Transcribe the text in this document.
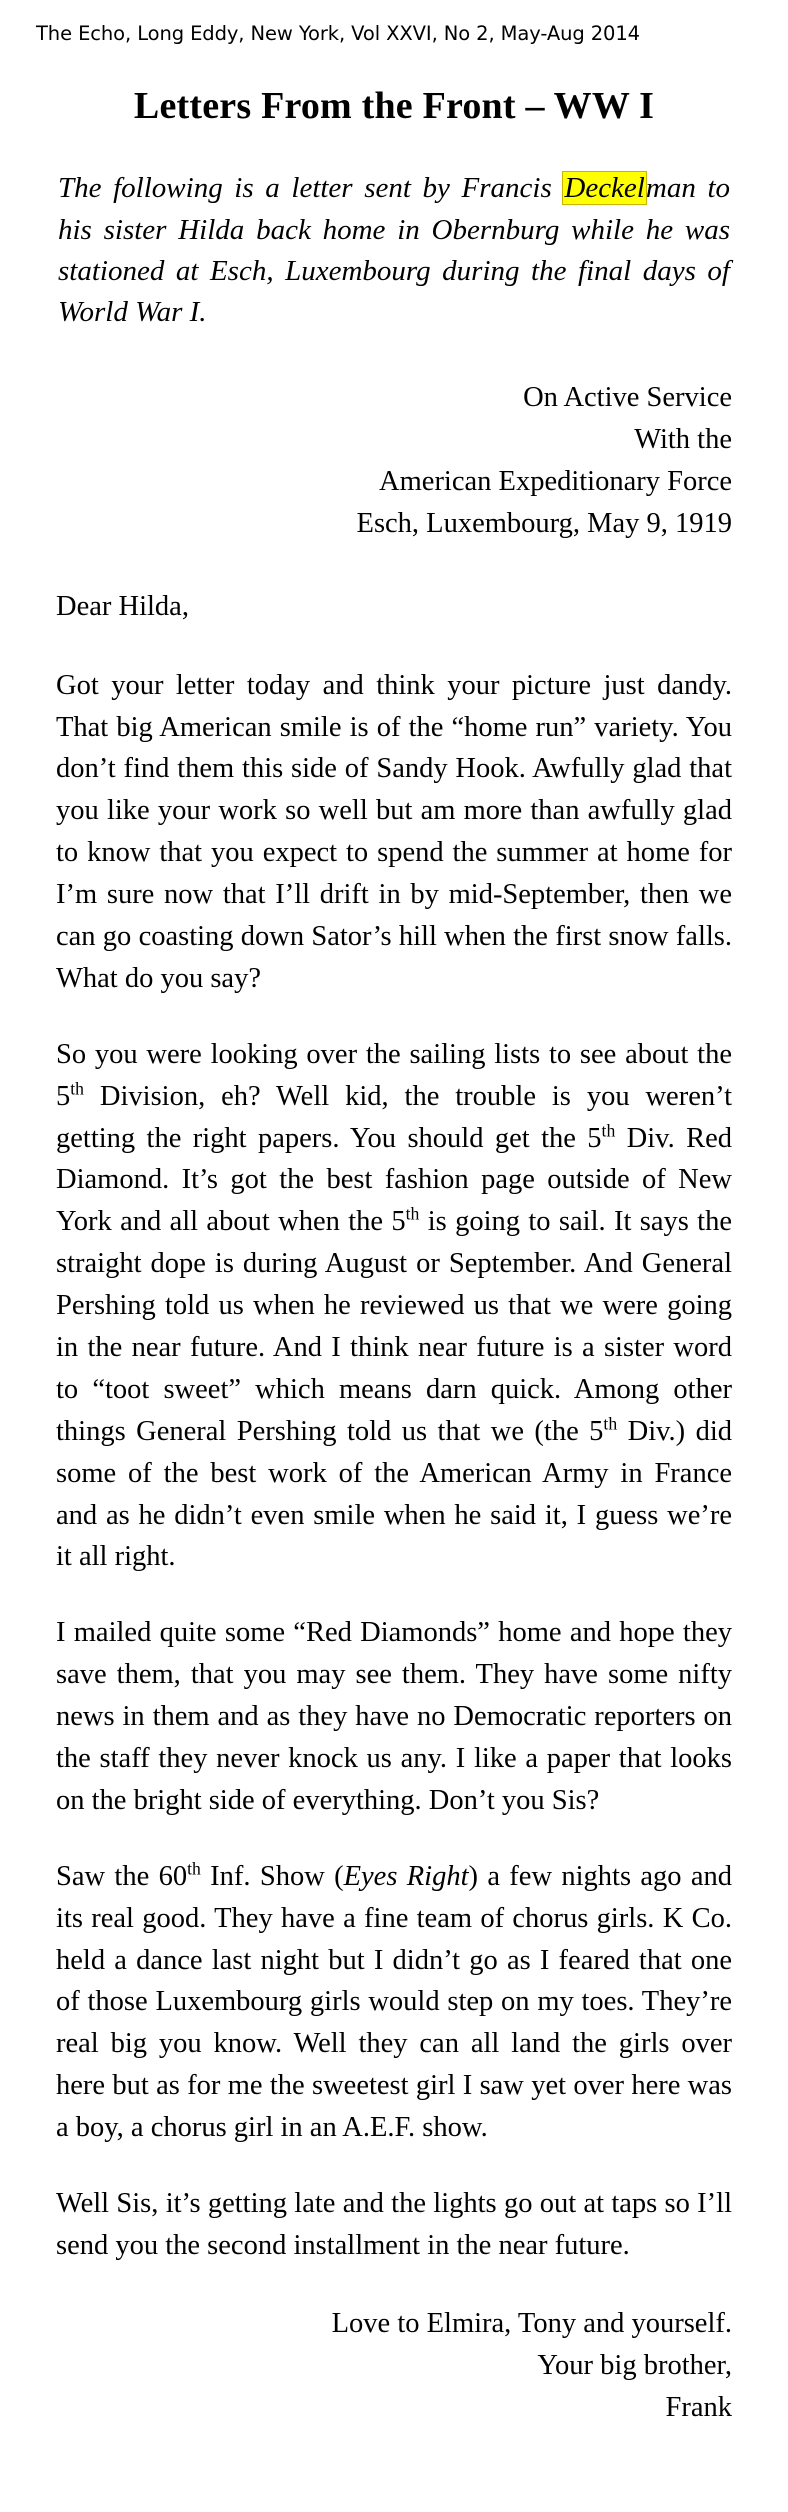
The Echo, Long Eddy, New York, Vol XXVI, No 2, May-Aug 2014
Letters From the Front – WW I

The following is a letter sent by Francis Deckelman to his sister Hilda back home in Obernburg while he was stationed at Esch, Luxembourg during the final days of World War I.

On Active Service
With the
American Expeditionary Force
Esch, Luxembourg, May 9, 1919
Dear Hilda,

Got your letter today and think your picture just dandy. That big American smile is of the “home run” variety. You don’t find them this side of Sandy Hook. Awfully glad that you like your work so well but am more than awfully glad to know that you expect to spend the summer at home for I’m sure now that I’ll drift in by mid-September, then we can go coasting down Sator’s hill when the first snow falls. What do you say?

So you were looking over the sailing lists to see about the 5th Division, eh? Well kid, the trouble is you weren’t getting the right papers. You should get the 5th Div. Red Diamond. It’s got the best fashion page outside of New York and all about when the 5th is going to sail. It says the straight dope is during August or September. And General Pershing told us when he reviewed us that we were going in the near future. And I think near future is a sister word to “toot sweet” which means darn quick. Among other things General Pershing told us that we (the 5th Div.) did some of the best work of the American Army in France and as he didn’t even smile when he said it, I guess we’re it all right.

I mailed quite some “Red Diamonds” home and hope they save them, that you may see them. They have some nifty news in them and as they have no Democratic reporters on the staff they never knock us any. I like a paper that looks on the bright side of everything. Don’t you Sis?

Saw the 60th Inf. Show (Eyes Right) a few nights ago and its real good. They have a fine team of chorus girls. K Co. held a dance last night but I didn’t go as I feared that one of those Luxembourg girls would step on my toes. They’re real big you know. Well they can all land the girls over here but as for me the sweetest girl I saw yet over here was a boy, a chorus girl in an A.E.F. show.

Well Sis, it’s getting late and the lights go out at taps so I’ll send you the second installment in the near future.

Love to Elmira, Tony and yourself.
Your big brother,
Frank
